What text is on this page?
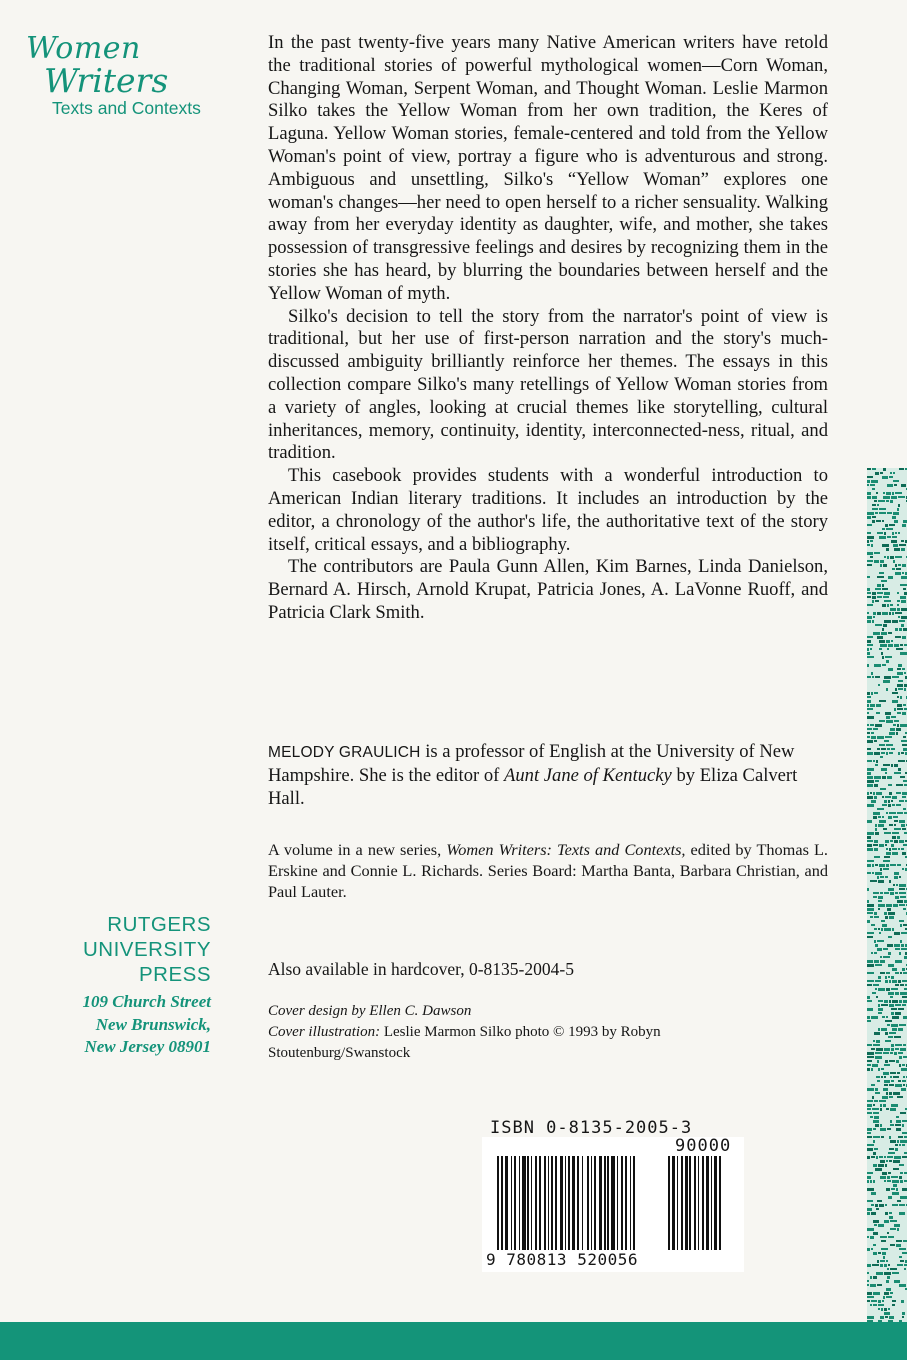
Women
Writers
Texts and Contexts

In the past twenty-five years many Native American writers have retold the traditional stories of powerful mythological women—Corn Woman, Changing Woman, Serpent Woman, and Thought Woman. Leslie Marmon Silko takes the Yellow Woman from her own tradition, the Keres of Laguna. Yellow Woman stories, female-centered and told from the Yellow Woman's point of view, portray a figure who is adventurous and strong. Ambiguous and unsettling, Silko's “Yellow Woman” explores one woman's changes—her need to open herself to a richer sensuality. Walking away from her everyday identity as daughter, wife, and mother, she takes possession of transgressive feelings and desires by recognizing them in the stories she has heard, by blurring the boundaries between herself and the Yellow Woman of myth.

Silko's decision to tell the story from the narrator's point of view is traditional, but her use of first-person narration and the story's much-discussed ambiguity brilliantly reinforce her themes. The essays in this collection compare Silko's many retellings of Yellow Woman stories from a variety of angles, looking at crucial themes like storytelling, cultural inheritances, memory, continuity, identity, interconnected-ness, ritual, and tradition.

This casebook provides students with a wonderful introduction to American Indian literary traditions. It includes an introduction by the editor, a chronology of the author's life, the authoritative text of the story itself, critical essays, and a bibliography.

The contributors are Paula Gunn Allen, Kim Barnes, Linda Danielson, Bernard A. Hirsch, Arnold Krupat, Patricia Jones, A. LaVonne Ruoff, and Patricia Clark Smith.

MELODY GRAULICH is a professor of English at the University of New Hampshire. She is the editor of Aunt Jane of Kentucky by Eliza Calvert Hall.
A volume in a new series, Women Writers: Texts and Contexts, edited by Thomas L. Erskine and Connie L. Richards. Series Board: Martha Banta, Barbara Christian, and Paul Lauter.
Also available in hardcover, 0-8135-2004-5
Cover design by Ellen C. Dawson
Cover illustration: Leslie Marmon Silko photo © 1993 by Robyn Stoutenburg/Swanstock
RUTGERS
UNIVERSITY
PRESS
109 Church Street
New Brunswick,
New Jersey 08901
ISBN 0-8135-2005-3
90000
9 780813 520056
